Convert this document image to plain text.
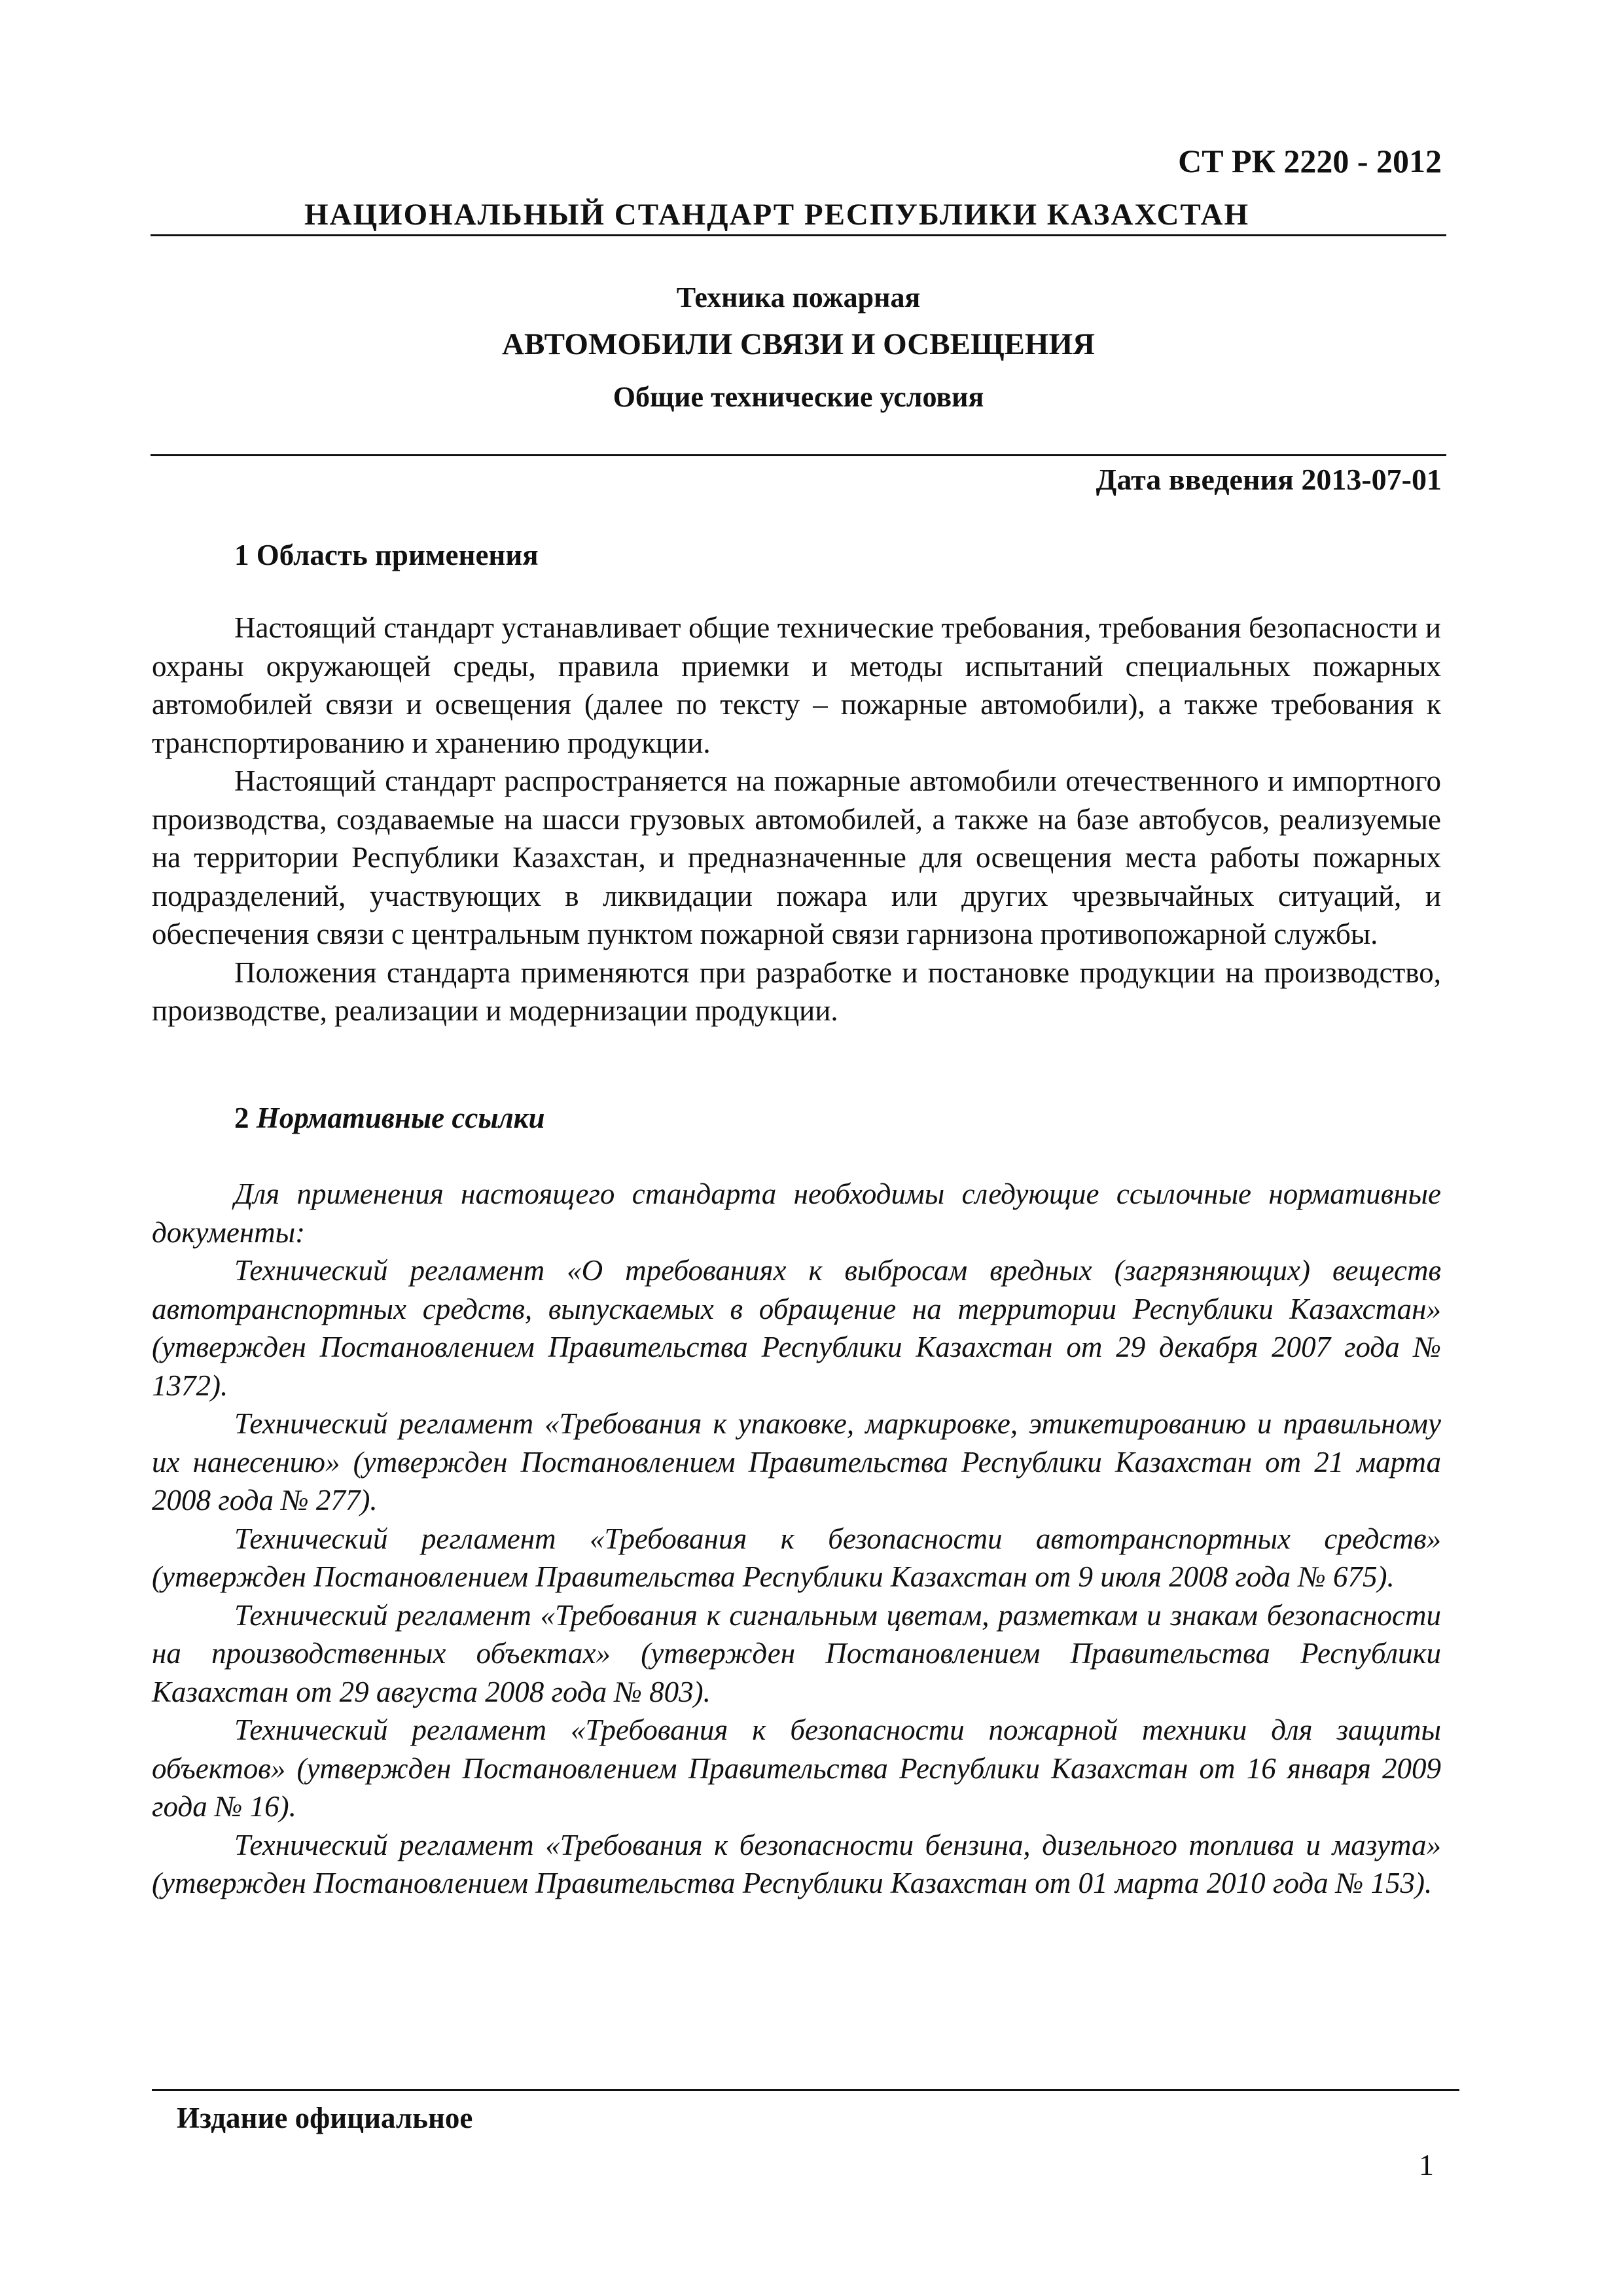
СТ РК 2220 - 2012
НАЦИОНАЛЬНЫЙ СТАНДАРТ РЕСПУБЛИКИ КАЗАХСТАН
Техника пожарная
АВТОМОБИЛИ СВЯЗИ И ОСВЕЩЕНИЯ
Общие технические условия
Дата введения 2013-07-01
1 Область применения

Настоящий стандарт устанавливает общие технические требования, требования безопасности и охраны окружающей среды, правила приемки и методы испытаний специальных пожарных автомобилей связи и освещения (далее по тексту – пожарные автомобили), а также требования к транспортированию и хранению продукции.

Настоящий стандарт распространяется на пожарные автомобили отечественного и импортного производства, создаваемые на шасси грузовых автомобилей, а также на базе автобусов, реализуемые на территории Республики Казахстан, и предназначенные для освещения места работы пожарных подразделений, участвующих в ликвидации пожара или других чрезвычайных ситуаций, и обеспечения связи с центральным пунктом пожарной связи гарнизона противопожарной службы.

Положения стандарта применяются при разработке и постановке продукции на производство, производстве, реализации и модернизации продукции.

2 Нормативные ссылки

Для применения настоящего стандарта необходимы следующие ссылочные нормативные документы:

Технический регламент «О требованиях к выбросам вредных (загрязняющих) веществ автотранспортных средств, выпускаемых в обращение на территории Республики Казахстан» (утвержден Постановлением Правительства Республики Казахстан от 29 декабря 2007 года № 1372).

Технический регламент «Требования к упаковке, маркировке, этикетированию и правильному их нанесению» (утвержден Постановлением Правительства Республики Казахстан от 21 марта 2008 года № 277).

Технический регламент «Требования к безопасности автотранспортных средств» (утвержден Постановлением Правительства Республики Казахстан от 9 июля 2008 года № 675).

Технический регламент «Требования к сигнальным цветам, разметкам и знакам безопасности на производственных объектах» (утвержден Постановлением Правительства Республики Казахстан от 29 августа 2008 года № 803).

Технический регламент «Требования к безопасности пожарной техники для защиты объектов» (утвержден Постановлением Правительства Республики Казахстан от 16 января 2009 года № 16).

Технический регламент «Требования к безопасности бензина, дизельного топлива и мазута» (утвержден Постановлением Правительства Республики Казахстан от 01 марта 2010 года № 153).

Издание официальное
1
